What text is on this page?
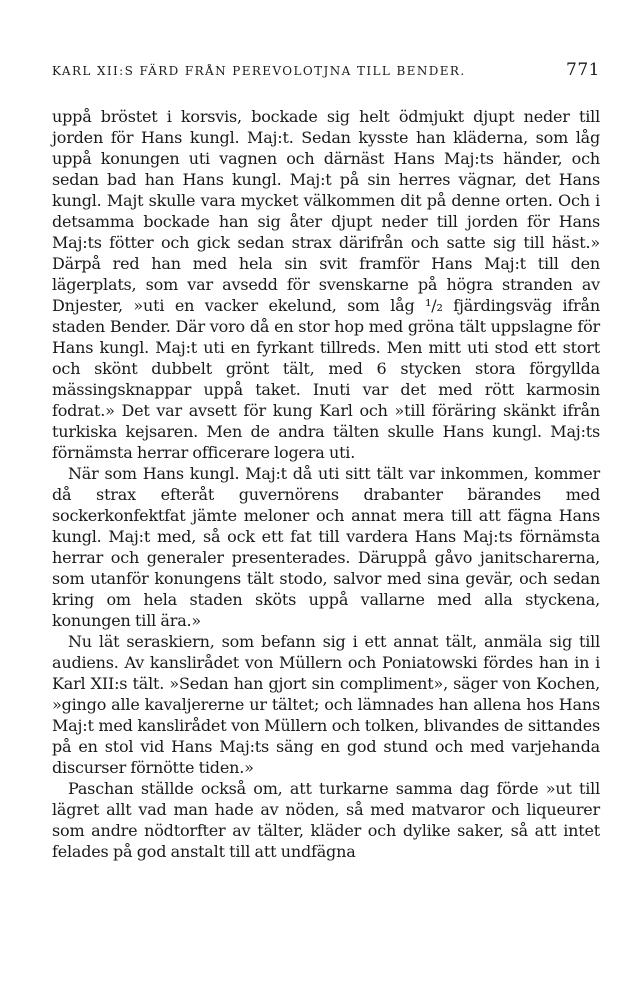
KARL XII:S FÄRD FRÅN PEREVOLOTJNA TILL BENDER.	771

uppå bröstet i korsvis, bockade sig helt ödmjukt djupt neder till jorden för Hans kungl. Maj:t. Sedan kysste han kläderna, som låg uppå konungen uti vagnen och därnäst Hans Maj:ts händer, och sedan bad han Hans kungl. Maj:t på sin herres vägnar, det Hans kungl. Majt skulle vara mycket välkommen dit på denne orten. Och i detsamma bockade han sig åter djupt neder till jorden för Hans Maj:ts fötter och gick sedan strax därifrån och satte sig till häst.» Därpå red han med hela sin svit framför Hans Maj:t till den lägerplats, som var avsedd för svenskarne på högra stranden av Dnjester, »uti en vacker ekelund, som låg ¹/₂ fjärdingsväg ifrån staden Bender. Där voro då en stor hop med gröna tält uppslagne för Hans kungl. Maj:t uti en fyrkant tillreds. Men mitt uti stod ett stort och skönt dubbelt grönt tält, med 6 stycken stora förgyllda mässingsknappar uppå taket. Inuti var det med rött karmosin fodrat.» Det var avsett för kung Karl och »till föräring skänkt ifrån turkiska kejsaren. Men de andra tälten skulle Hans kungl. Maj:ts förnämsta herrar officerare logera uti.

När som Hans kungl. Maj:t då uti sitt tält var inkommen, kommer då strax efteråt guvernörens drabanter bärandes med sockerkonfektfat jämte meloner och annat mera till att fägna Hans kungl. Maj:t med, så ock ett fat till vardera Hans Maj:ts förnämsta herrar och generaler presenterades. Däruppå gåvo janitscharerna, som utanför konungens tält stodo, salvor med sina gevär, och sedan kring om hela staden sköts uppå vallarne med alla styckena, konungen till ära.»

Nu lät seraskiern, som befann sig i ett annat tält, anmäla sig till audiens. Av kanslirådet von Müllern och Poniatowski fördes han in i Karl XII:s tält. »Sedan han gjort sin compliment», säger von Kochen, »gingo alle kavaljererne ur tältet; och lämnades han allena hos Hans Maj:t med kanslirådet von Müllern och tolken, blivandes de sittandes på en stol vid Hans Maj:ts säng en god stund och med varjehanda discurser förnötte tiden.»

Paschan ställde också om, att turkarne samma dag förde »ut till lägret allt vad man hade av nöden, så med matvaror och liqueurer som andre nödtorfter av tälter, kläder och dylike saker, så att intet felades på god anstalt till att undfägna
